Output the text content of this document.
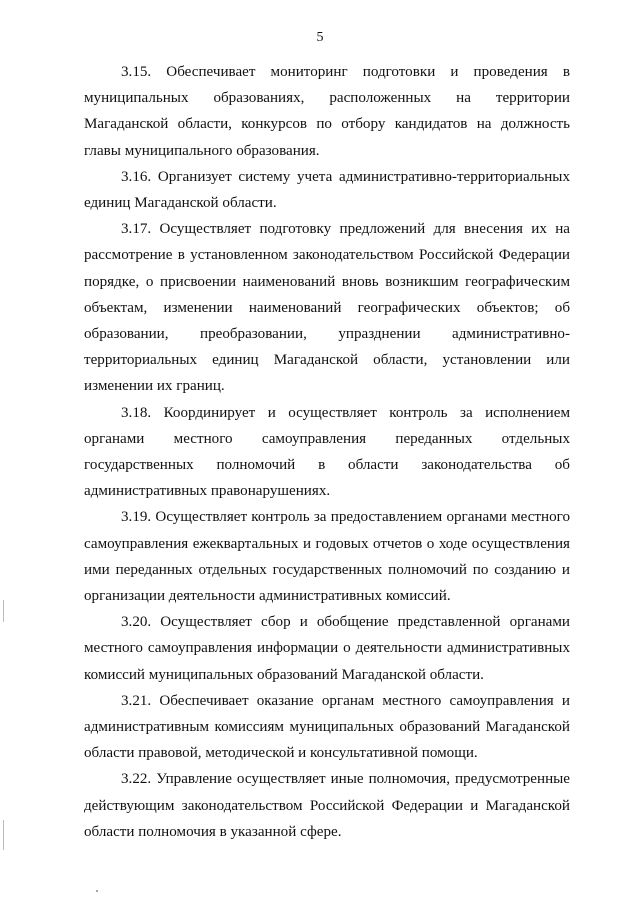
5

3.15. Обеспечивает мониторинг подготовки и проведения в муниципальных образованиях, расположенных на территории Магаданской области, конкурсов по отбору кандидатов на должность главы муниципального образования.

3.16. Организует систему учета административно-территориальных единиц Магаданской области.

3.17. Осуществляет подготовку предложений для внесения их на рассмотрение в установленном законодательством Российской Федерации порядке, о присвоении наименований вновь возникшим географическим объектам, изменении наименований географических объектов; об образовании, преобразовании, упразднении административно-территориальных единиц Магаданской области, установлении или изменении их границ.

3.18. Координирует и осуществляет контроль за исполнением органами местного самоуправления переданных отдельных государственных полномочий в области законодательства об административных правонарушениях.

3.19. Осуществляет контроль за предоставлением органами местного самоуправления ежеквартальных и годовых отчетов о ходе осуществления ими переданных отдельных государственных полномочий по созданию и организации деятельности административных комиссий.

3.20. Осуществляет сбор и обобщение представленной органами местного самоуправления информации о деятельности административных комиссий муниципальных образований Магаданской области.

3.21. Обеспечивает оказание органам местного самоуправления и административным комиссиям муниципальных образований Магаданской области правовой, методической и консультативной помощи.

3.22. Управление осуществляет иные полномочия, предусмотренные действующим законодательством Российской Федерации и Магаданской области полномочия в указанной сфере.
